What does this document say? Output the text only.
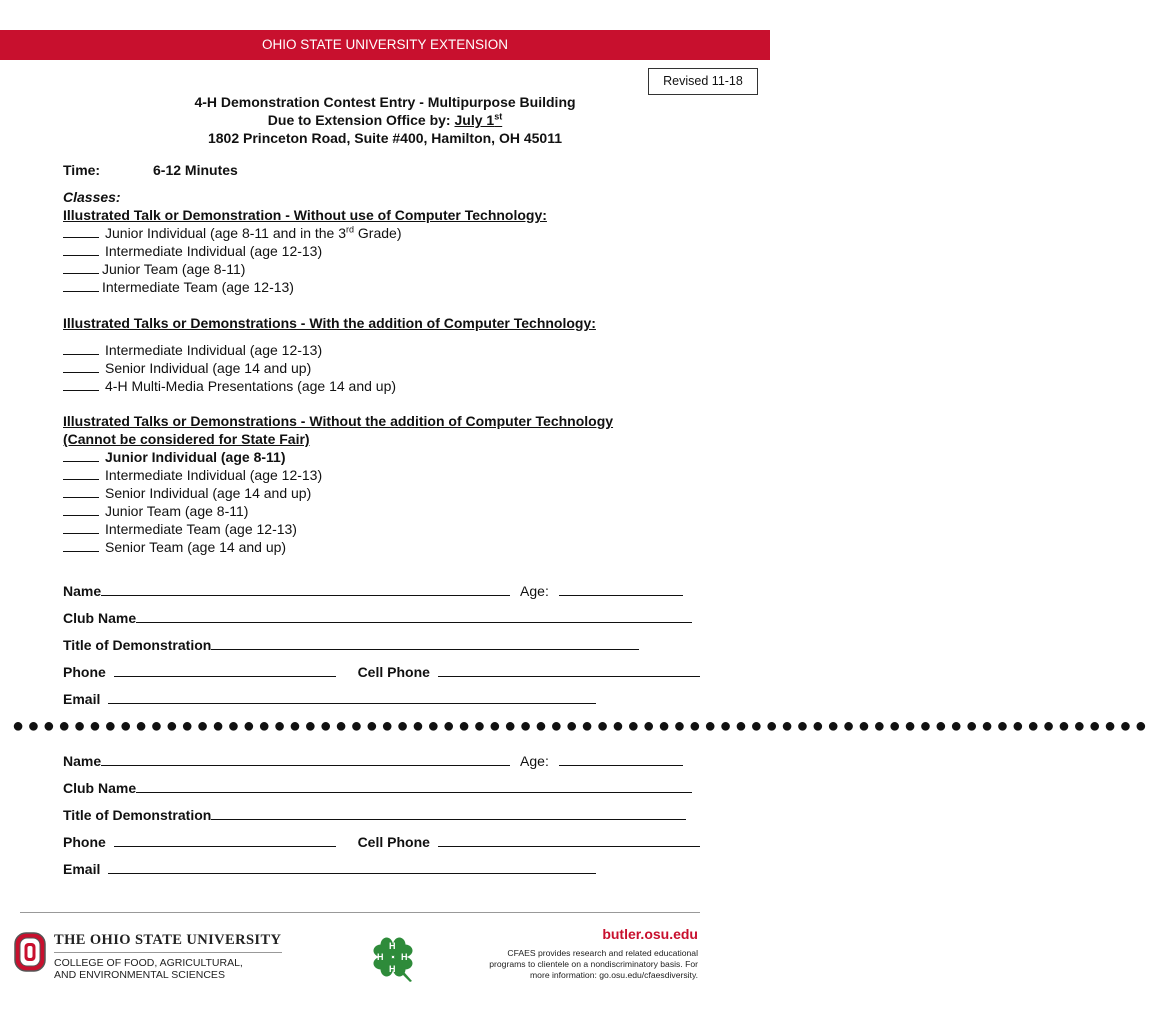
OHIO STATE UNIVERSITY EXTENSION
Revised 11-18
4-H Demonstration Contest Entry - Multipurpose Building
Due to Extension Office by: July 1st
1802 Princeton Road, Suite #400, Hamilton, OH 45011
Time:	6-12 Minutes
Classes:
Illustrated Talk or Demonstration - Without use of Computer Technology:
Junior Individual (age 8-11 and in the 3rd Grade)
Intermediate Individual (age 12-13)
Junior Team (age 8-11)
Intermediate Team (age 12-13)
Illustrated Talks or Demonstrations - With the addition of Computer Technology:
Intermediate Individual (age 12-13)
Senior Individual (age 14 and up)
4-H Multi-Media Presentations (age 14 and up)
Illustrated Talks or Demonstrations - Without the addition of Computer Technology
(Cannot be considered for State Fair)
Junior Individual (age 8-11)
Intermediate Individual (age 12-13)
Senior Individual (age 14 and up)
Junior Team (age 8-11)
Intermediate Team (age 12-13)
Senior Team (age 14 and up)
Name	Age:
Club Name
Title of Demonstration
Phone	Cell Phone
Email
●●●●●●●●●●●●●●●●●●●●●●●●●●●●●●●●●●●●●●●●●●●●●●●●●●●●●●●●●●●●●●●●●●●●●●●●●●
Name	Age:
Club Name
Title of Demonstration
Phone	Cell Phone
Email
THE OHIO STATE UNIVERSITY
COLLEGE OF FOOD, AGRICULTURAL,
AND ENVIRONMENTAL SCIENCES
H
H
H H
butler.osu.edu
CFAES provides research and related educational
programs to clientele on a nondiscriminatory basis. For
more information: go.osu.edu/cfaesdiversity.
